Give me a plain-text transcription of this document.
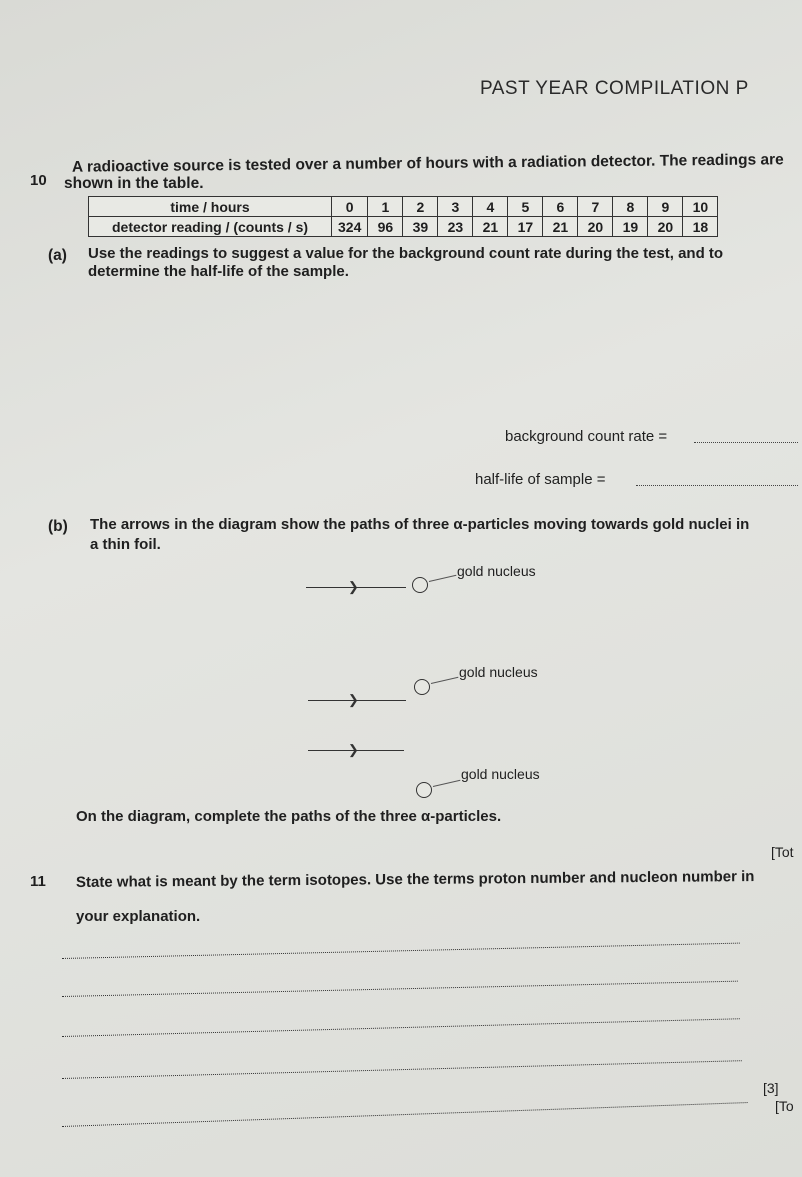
PAST YEAR COMPILATION P
10
A radioactive source is tested over a number of hours with a radiation detector. The readings are
shown in the table.
time / hours	0	1	2	3	4	5	6	7	8	9	10
detector reading / (counts / s)	324	96	39	23	21	17	21	20	19	20	18
(a) Use the readings to suggest a value for the background count rate during the test, and to
determine the half-life of the sample.
background count rate =
half-life of sample =
(b) The arrows in the diagram show the paths of three α-particles moving towards gold nuclei in
a thin foil.
❯
gold nucleus
❯
gold nucleus
❯
gold nucleus
On the diagram, complete the paths of the three α-particles.
[Tot
11 State what is meant by the term isotopes. Use the terms proton number and nucleon number in
your explanation.
[3]
[To
